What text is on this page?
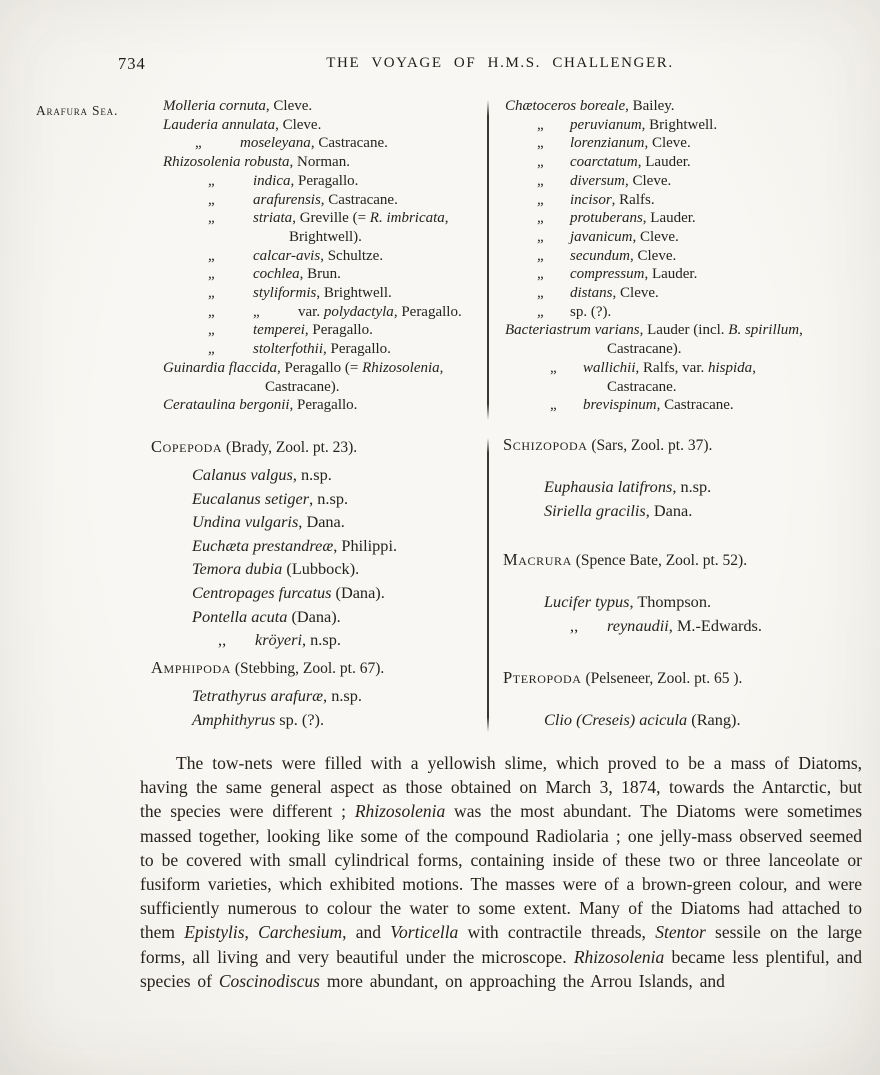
734	THE VOYAGE OF H.M.S. CHALLENGER.
Arafura Sea.	Molleria cornuta, Cleve.
Lauderia annulata, Cleve.
„	moseleyana, Castracane.
Rhizosolenia robusta, Norman.
„	indica, Peragallo.
„	arafurensis, Castracane.
„	striata, Greville (= R. imbricata,
Brightwell).
„	calcar-avis, Schultze.
„	cochlea, Brun.
„	styliformis, Brightwell.
„	„	var. polydactyla, Peragallo.
„	temperei, Peragallo.
„	stolterfothii, Peragallo.
Guinardia flaccida, Peragallo (= Rhizosolenia,
Castracane).
Cerataulina bergonii, Peragallo.
Chætoceros boreale, Bailey.
„ peruvianum, Brightwell.
„ lorenzianum, Cleve.
„ coarctatum, Lauder.
„ diversum, Cleve.
„ incisor, Ralfs.
„ protuberans, Lauder.
„ javanicum, Cleve.
„ secundum, Cleve.
„ compressum, Lauder.
„ distans, Cleve.
„ sp. (?).
Bacteriastrum varians, Lauder (incl. B. spirillum,
Castracane).
„ wallichii, Ralfs, var. hispida,
Castracane.
„ brevispinum, Castracane.
Copepoda (Brady, Zool. pt. 23).
Calanus valgus, n.sp.
Eucalanus setiger, n.sp.
Undina vulgaris, Dana.
Euchæta prestandreæ, Philippi.
Temora dubia (Lubbock).
Centropages furcatus (Dana).
Pontella acuta (Dana).
,, kröyeri, n.sp.
Amphipoda (Stebbing, Zool. pt. 67).
Tetrathyrus arafuræ, n.sp.
Amphithyrus sp. (?).
Schizopoda (Sars, Zool. pt. 37).
Euphausia latifrons, n.sp.
Siriella gracilis, Dana.
Macrura (Spence Bate, Zool. pt. 52).
Lucifer typus, Thompson.
,, reynaudii, M.-Edwards.
Pteropoda (Pelseneer, Zool. pt. 65 ).
Clio (Creseis) acicula (Rang).

The tow-nets were filled with a yellowish slime, which proved to be a mass of Diatoms, having the same general aspect as those obtained on March 3, 1874, towards the Antarctic, but the species were different ; Rhizosolenia was the most abundant. The Diatoms were sometimes massed together, looking like some of the compound Radiolaria ; one jelly-mass observed seemed to be covered with small cylindrical forms, containing inside of these two or three lanceolate or fusiform varieties, which exhibited motions. The masses were of a brown-green colour, and were sufficiently numerous to colour the water to some extent. Many of the Diatoms had attached to them Epistylis, Carchesium, and Vorticella with contractile threads, Stentor sessile on the large forms, all living and very beautiful under the microscope. Rhizosolenia became less plentiful, and species of Coscinodiscus more abundant, on approaching the Arrou Islands, and
